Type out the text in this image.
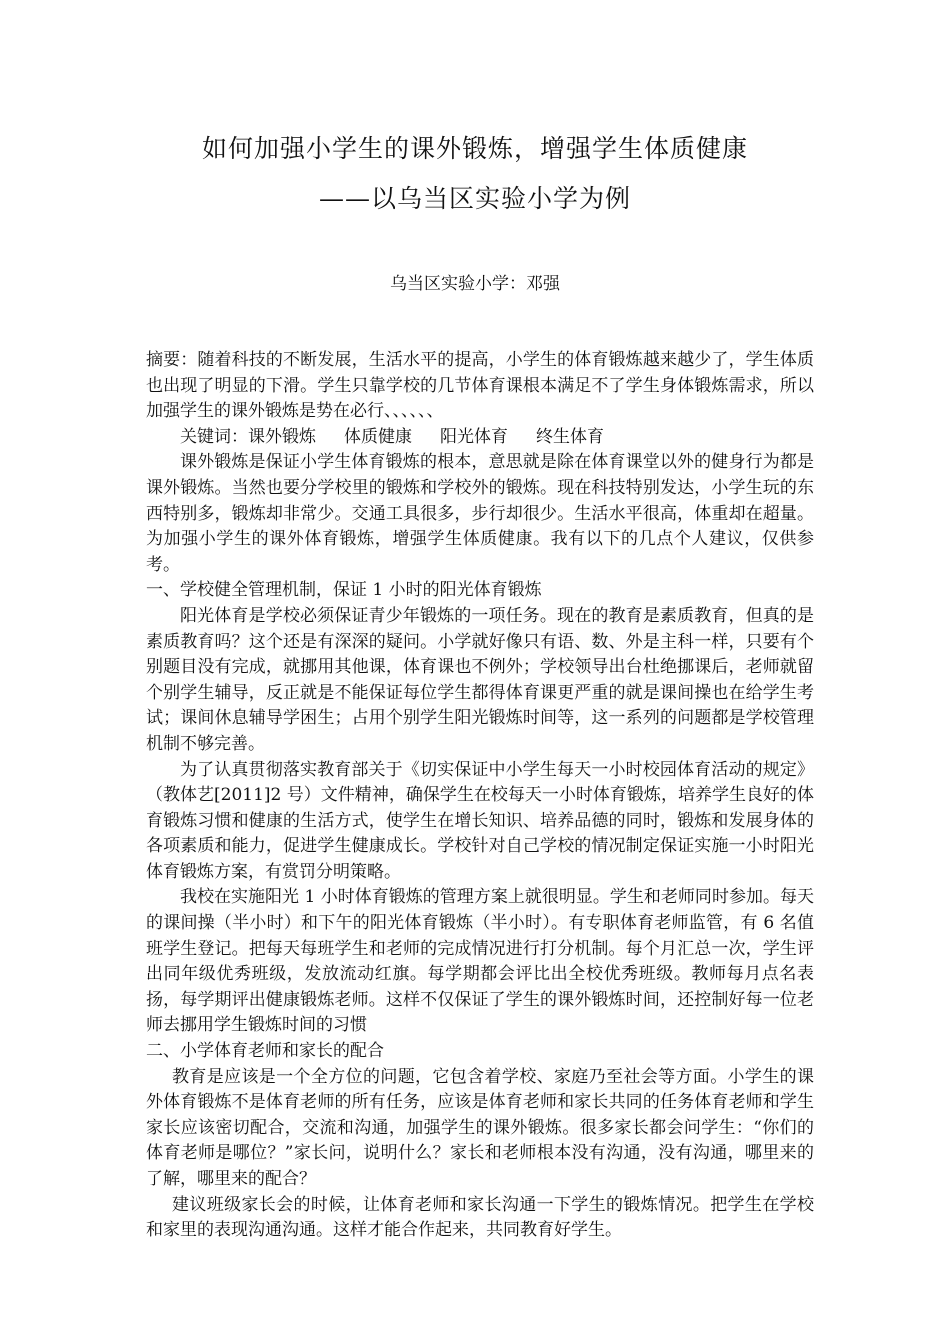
如何加强小学生的课外锻炼，增强学生体质健康
——以乌当区实验小学为例
乌当区实验小学：邓强

摘要：随着科技的不断发展，生活水平的提高，小学生的体育锻炼越来越少了，学生体质也出现了明显的下滑。学生只靠学校的几节体育课根本满足不了学生身体锻炼需求，所以加强学生的课外锻炼是势在必行、、、、、、

关键词：课外锻炼 体质健康 阳光体育 终生体育

课外锻炼是保证小学生体育锻炼的根本，意思就是除在体育课堂以外的健身行为都是课外锻炼。当然也要分学校里的锻炼和学校外的锻炼。现在科技特别发达，小学生玩的东西特别多，锻炼却非常少。交通工具很多，步行却很少。生活水平很高，体重却在超量。为加强小学生的课外体育锻炼，增强学生体质健康。我有以下的几点个人建议，仅供参考。

一、学校健全管理机制，保证 1 小时的阳光体育锻炼

阳光体育是学校必须保证青少年锻炼的一项任务。现在的教育是素质教育，但真的是素质教育吗？这个还是有深深的疑问。小学就好像只有语、数、外是主科一样，只要有个别题目没有完成，就挪用其他课，体育课也不例外；学校领导出台杜绝挪课后，老师就留个别学生辅导，反正就是不能保证每位学生都得体育课更严重的就是课间操也在给学生考试；课间休息辅导学困生；占用个别学生阳光锻炼时间等，这一系列的问题都是学校管理机制不够完善。

为了认真贯彻落实教育部关于《切实保证中小学生每天一小时校园体育活动的规定》（教体艺[2011]2 号）文件精神，确保学生在校每天一小时体育锻炼，培养学生良好的体育锻炼习惯和健康的生活方式，使学生在增长知识、培养品德的同时，锻炼和发展身体的各项素质和能力，促进学生健康成长。学校针对自己学校的情况制定保证实施一小时阳光体育锻炼方案，有赏罚分明策略。

我校在实施阳光 1 小时体育锻炼的管理方案上就很明显。学生和老师同时参加。每天的课间操（半小时）和下午的阳光体育锻炼（半小时）。有专职体育老师监管，有 6 名值班学生登记。把每天每班学生和老师的完成情况进行打分机制。每个月汇总一次，学生评出同年级优秀班级，发放流动红旗。每学期都会评比出全校优秀班级。教师每月点名表扬，每学期评出健康锻炼老师。这样不仅保证了学生的课外锻炼时间，还控制好每一位老师去挪用学生锻炼时间的习惯

二、小学体育老师和家长的配合

教育是应该是一个全方位的问题，它包含着学校、家庭乃至社会等方面。小学生的课外体育锻炼不是体育老师的所有任务，应该是体育老师和家长共同的任务体育老师和学生家长应该密切配合，交流和沟通，加强学生的课外锻炼。很多家长都会问学生：“你们的体育老师是哪位？”家长问，说明什么？家长和老师根本没有沟通，没有沟通，哪里来的了解，哪里来的配合？

建议班级家长会的时候，让体育老师和家长沟通一下学生的锻炼情况。把学生在学校和家里的表现沟通沟通。这样才能合作起来，共同教育好学生。
